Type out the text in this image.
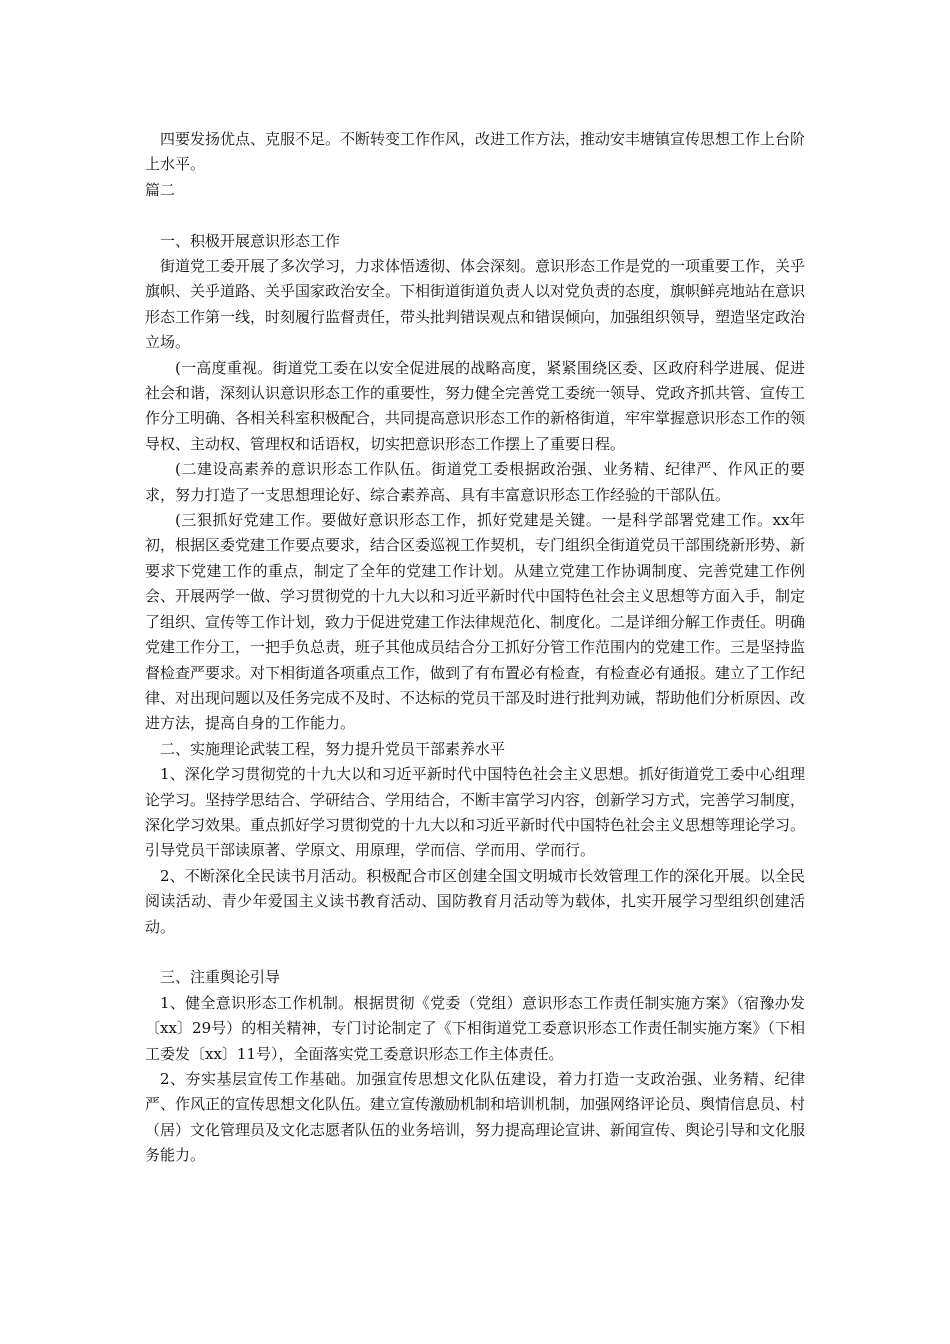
四要发扬优点、克服不足。不断转变工作作风，改进工作方法，推动安丰塘镇宣传思想工作上台阶上水平。

篇二

一、积极开展意识形态工作

街道党工委开展了多次学习，力求体悟透彻、体会深刻。意识形态工作是党的一项重要工作，关乎旗帜、关乎道路、关乎国家政治安全。下相街道街道负责人以对党负责的态度，旗帜鲜亮地站在意识形态工作第一线，时刻履行监督责任，带头批判错误观点和错误倾向，加强组织领导，塑造坚定政治立场。

(一高度重视。街道党工委在以安全促进展的战略高度，紧紧围绕区委、区政府科学进展、促进社会和谐，深刻认识意识形态工作的重要性，努力健全完善党工委统一领导、党政齐抓共管、宣传工作分工明确、各相关科室积极配合，共同提高意识形态工作的新格街道，牢牢掌握意识形态工作的领导权、主动权、管理权和话语权，切实把意识形态工作摆上了重要日程。

(二建设高素养的意识形态工作队伍。街道党工委根据政治强、业务精、纪律严、作风正的要求，努力打造了一支思想理论好、综合素养高、具有丰富意识形态工作经验的干部队伍。

(三狠抓好党建工作。要做好意识形态工作，抓好党建是关键。一是科学部署党建工作。xx年初，根据区委党建工作要点要求，结合区委巡视工作契机，专门组织全街道党员干部围绕新形势、新要求下党建工作的重点，制定了全年的党建工作计划。从建立党建工作协调制度、完善党建工作例会、开展两学一做、学习贯彻党的十九大以和习近平新时代中国特色社会主义思想等方面入手，制定了组织、宣传等工作计划，致力于促进党建工作法律规范化、制度化。二是详细分解工作责任。明确党建工作分工，一把手负总责，班子其他成员结合分工抓好分管工作范围内的党建工作。三是坚持监督检查严要求。对下相街道各项重点工作，做到了有布置必有检查，有检查必有通报。建立了工作纪律、对出现问题以及任务完成不及时、不达标的党员干部及时进行批判劝诫，帮助他们分析原因、改进方法，提高自身的工作能力。

二、实施理论武装工程，努力提升党员干部素养水平

1、深化学习贯彻党的十九大以和习近平新时代中国特色社会主义思想。抓好街道党工委中心组理论学习。坚持学思结合、学研结合、学用结合，不断丰富学习内容，创新学习方式，完善学习制度，深化学习效果。重点抓好学习贯彻党的十九大以和习近平新时代中国特色社会主义思想等理论学习。引导党员干部读原著、学原文、用原理，学而信、学而用、学而行。

2、不断深化全民读书月活动。积极配合市区创建全国文明城市长效管理工作的深化开展。以全民阅读活动、青少年爱国主义读书教育活动、国防教育月活动等为载体，扎实开展学习型组织创建活动。

三、注重舆论引导

1、健全意识形态工作机制。根据贯彻《党委（党组）意识形态工作责任制实施方案》（宿豫办发〔xx〕29号）的相关精神，专门讨论制定了《下相街道党工委意识形态工作责任制实施方案》（下相工委发〔xx〕11号），全面落实党工委意识形态工作主体责任。

2、夯实基层宣传工作基础。加强宣传思想文化队伍建设，着力打造一支政治强、业务精、纪律严、作风正的宣传思想文化队伍。建立宣传激励机制和培训机制，加强网络评论员、舆情信息员、村（居）文化管理员及文化志愿者队伍的业务培训，努力提高理论宣讲、新闻宣传、舆论引导和文化服务能力。
